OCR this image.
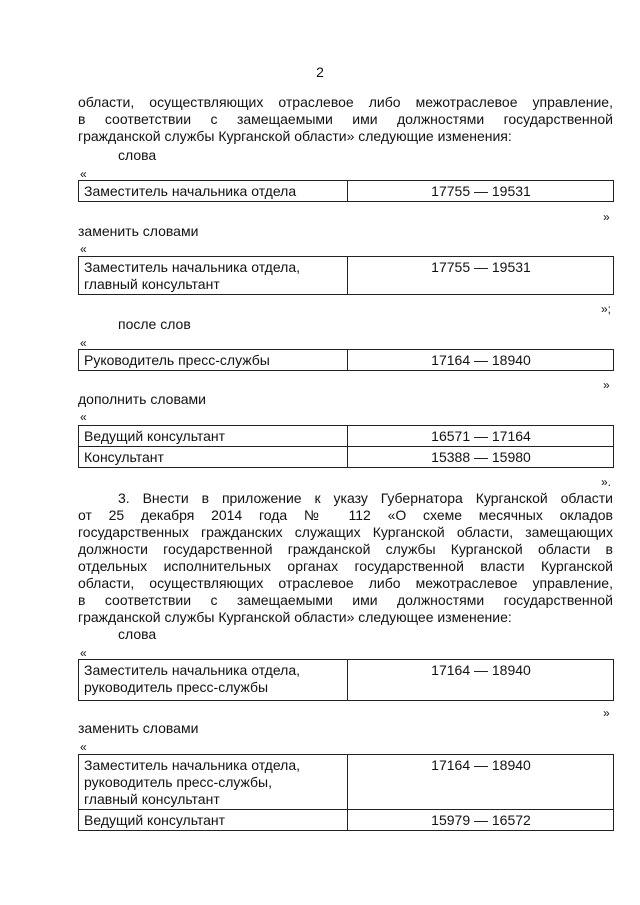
2
области, осуществляющих отраслевое либо межотраслевое управление,
в соответствии с замещаемыми ими должностями государственной
гражданской службы Курганской области» следующие изменения:
слова
«
Заместитель начальника отдела	17755 — 19531
»
заменить словами
«
Заместитель начальника отдела,
главный консультант	17755 — 19531
»;
после слов
«
Руководитель пресс-службы	17164 — 18940
»
дополнить словами
«
Ведущий консультант	16571 — 17164
Консультант	15388 — 15980
».
3. Внести в приложение к указу Губернатора Курганской области
от 25 декабря 2014 года № 112 «О схеме месячных окладов
государственных гражданских служащих Курганской области, замещающих
должности государственной гражданской службы Курганской области в
отдельных исполнительных органах государственной власти Курганской
области, осуществляющих отраслевое либо межотраслевое управление,
в соответствии с замещаемыми ими должностями государственной
гражданской службы Курганской области» следующее изменение:
слова
«
Заместитель начальника отдела,
руководитель пресс-службы	17164 — 18940
»
заменить словами
«
Заместитель начальника отдела,
руководитель пресс-службы,
главный консультант	17164 — 18940
Ведущий консультант	15979 — 16572
